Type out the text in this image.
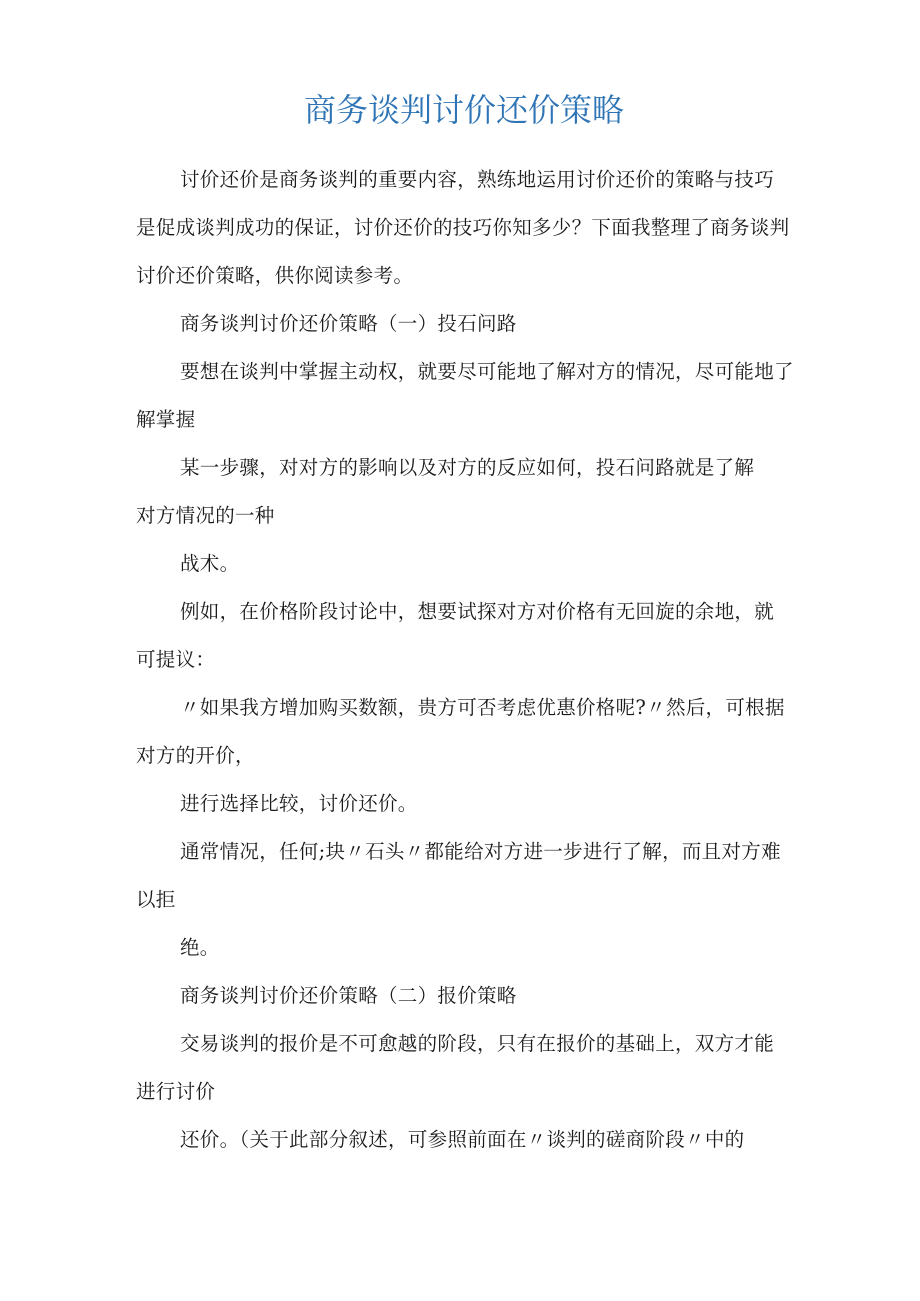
商务谈判讨价还价策略

讨价还价是商务谈判的重要内容，熟练地运用讨价还价的策略与技巧是促成谈判成功的保证，讨价还价的技巧你知多少？下面我整理了商务谈判讨价还价策略，供你阅读参考。

商务谈判讨价还价策略（一）投石问路

要想在谈判中掌握主动权，就要尽可能地了解对方的情况，尽可能地了解掌握

某一步骤，对对方的影响以及对方的反应如何，投石问路就是了解对方情况的一种

战术。

例如，在价格阶段讨论中，想要试探对方对价格有无回旋的余地，就可提议：

〃如果我方增加购买数额，贵方可否考虑优惠价格呢?〃然后，可根据对方的开价，

进行选择比较，讨价还价。

通常情况，任何;块〃石头〃都能给对方进一步进行了解，而且对方难以拒

绝。

商务谈判讨价还价策略（二）报价策略

交易谈判的报价是不可愈越的阶段，只有在报价的基础上，双方才能进行讨价

还价。（关于此部分叙述，可参照前面在〃谈判的磋商阶段〃中的
